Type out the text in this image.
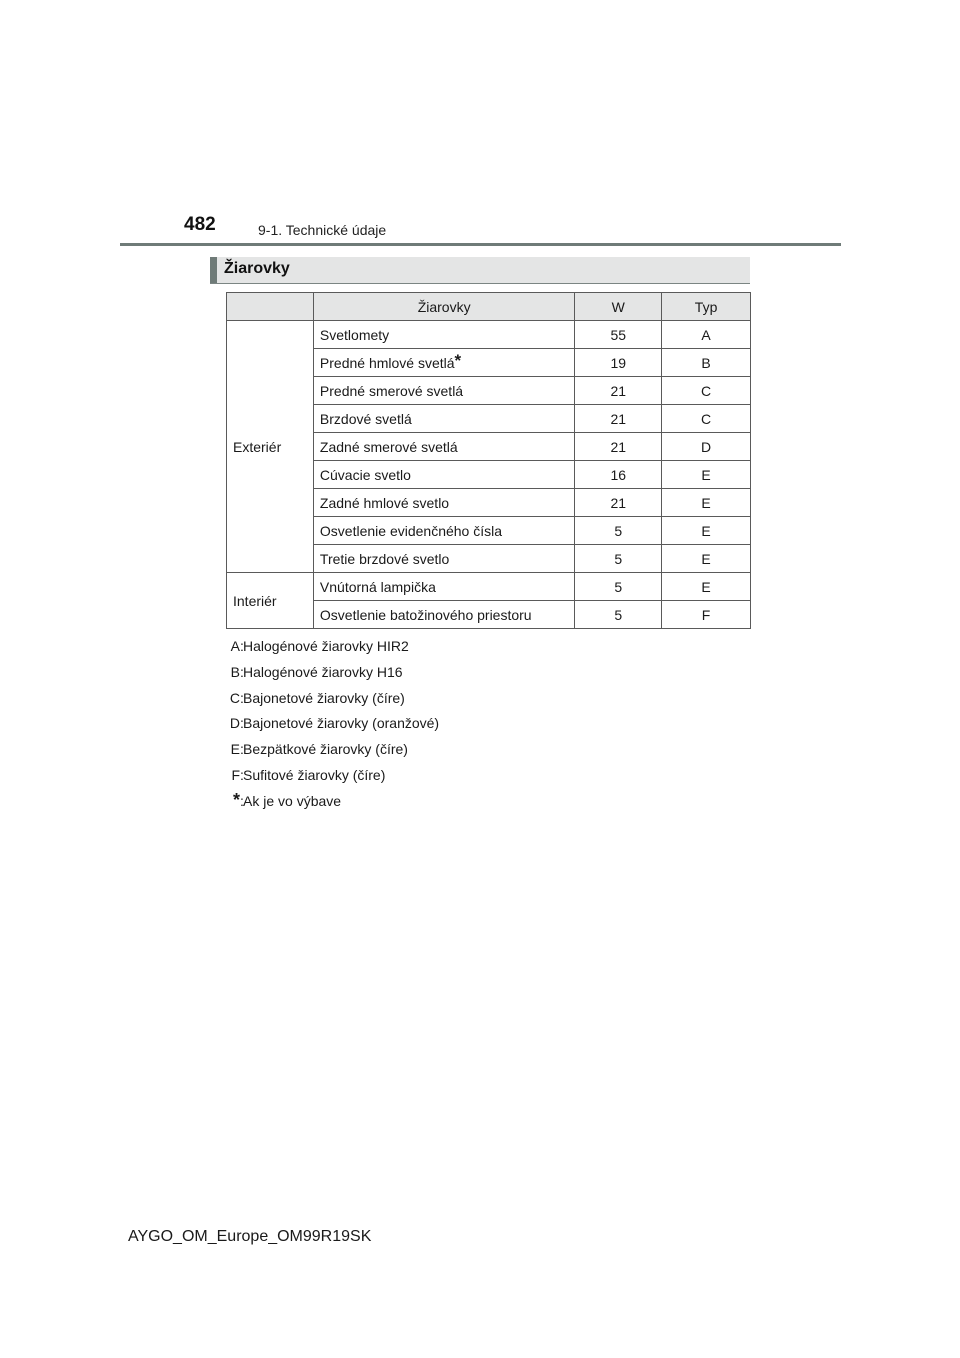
482	9-1. Technické údaje
Žiarovky
	Žiarovky	W	Typ
Exteriér	Svetlomety	55	A
	Predné hmlové svetlá*	19	B
	Predné smerové svetlá	21	C
	Brzdové svetlá	21	C
	Zadné smerové svetlá	21	D
	Cúvacie svetlo	16	E
	Zadné hmlové svetlo	21	E
	Osvetlenie evidenčného čísla	5	E
	Tretie brzdové svetlo	5	E
Interiér	Vnútorná lampička	5	E
	Osvetlenie batožinového priestoru	5	F
A : Halogénové žiarovky HIR2
B : Halogénové žiarovky H16
C : Bajonetové žiarovky (číre)
D : Bajonetové žiarovky (oranžové)
E : Bezpätkové žiarovky (číre)
F : Sufitové žiarovky (číre)
* : Ak je vo výbave
AYGO_OM_Europe_OM99R19SK
